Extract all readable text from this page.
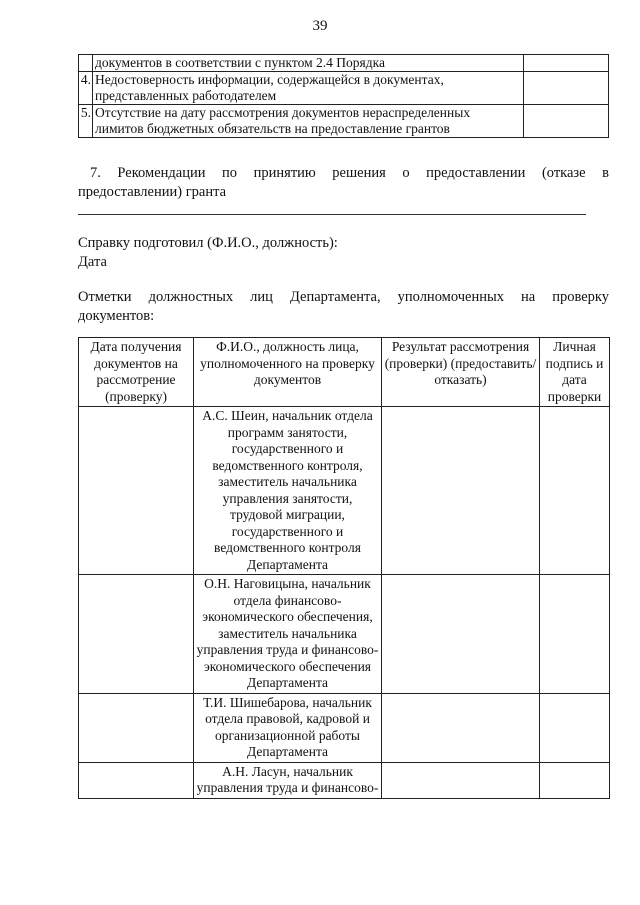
39
	документов в соответствии с пунктом 2.4 Порядка	
4.	Недостоверность информации, содержащейся в документах, представленных работодателем	
5.	Отсутствие на дату рассмотрения документов нераспределенных лимитов бюджетных обязательств на предоставление грантов	
7. Рекомендации по принятию решения о предоставлении (отказе в
предоставлении) гранта
Справку подготовил (Ф.И.О., должность):
Дата
Отметки должностных лиц Департамента, уполномоченных на проверку
документов:
Дата получения документов на рассмотрение (проверку)	Ф.И.О., должность лица, уполномоченного на проверку документов	Результат рассмотрения (проверки) (предоставить/отказать)	Личная подпись и дата проверки
	А.С. Шеин, начальник отдела программ занятости, государственного и ведомственного контроля, заместитель начальника управления занятости, трудовой миграции, государственного и ведомственного контроля Департамента		
	О.Н. Наговицына, начальник отдела финансово-экономического обеспечения, заместитель начальника управления труда и финансово-экономического обеспечения Департамента		
	Т.И. Шишебарова, начальник отдела правовой, кадровой и организационной работы Департамента		
	А.Н. Ласун, начальник управления труда и финансово-		
